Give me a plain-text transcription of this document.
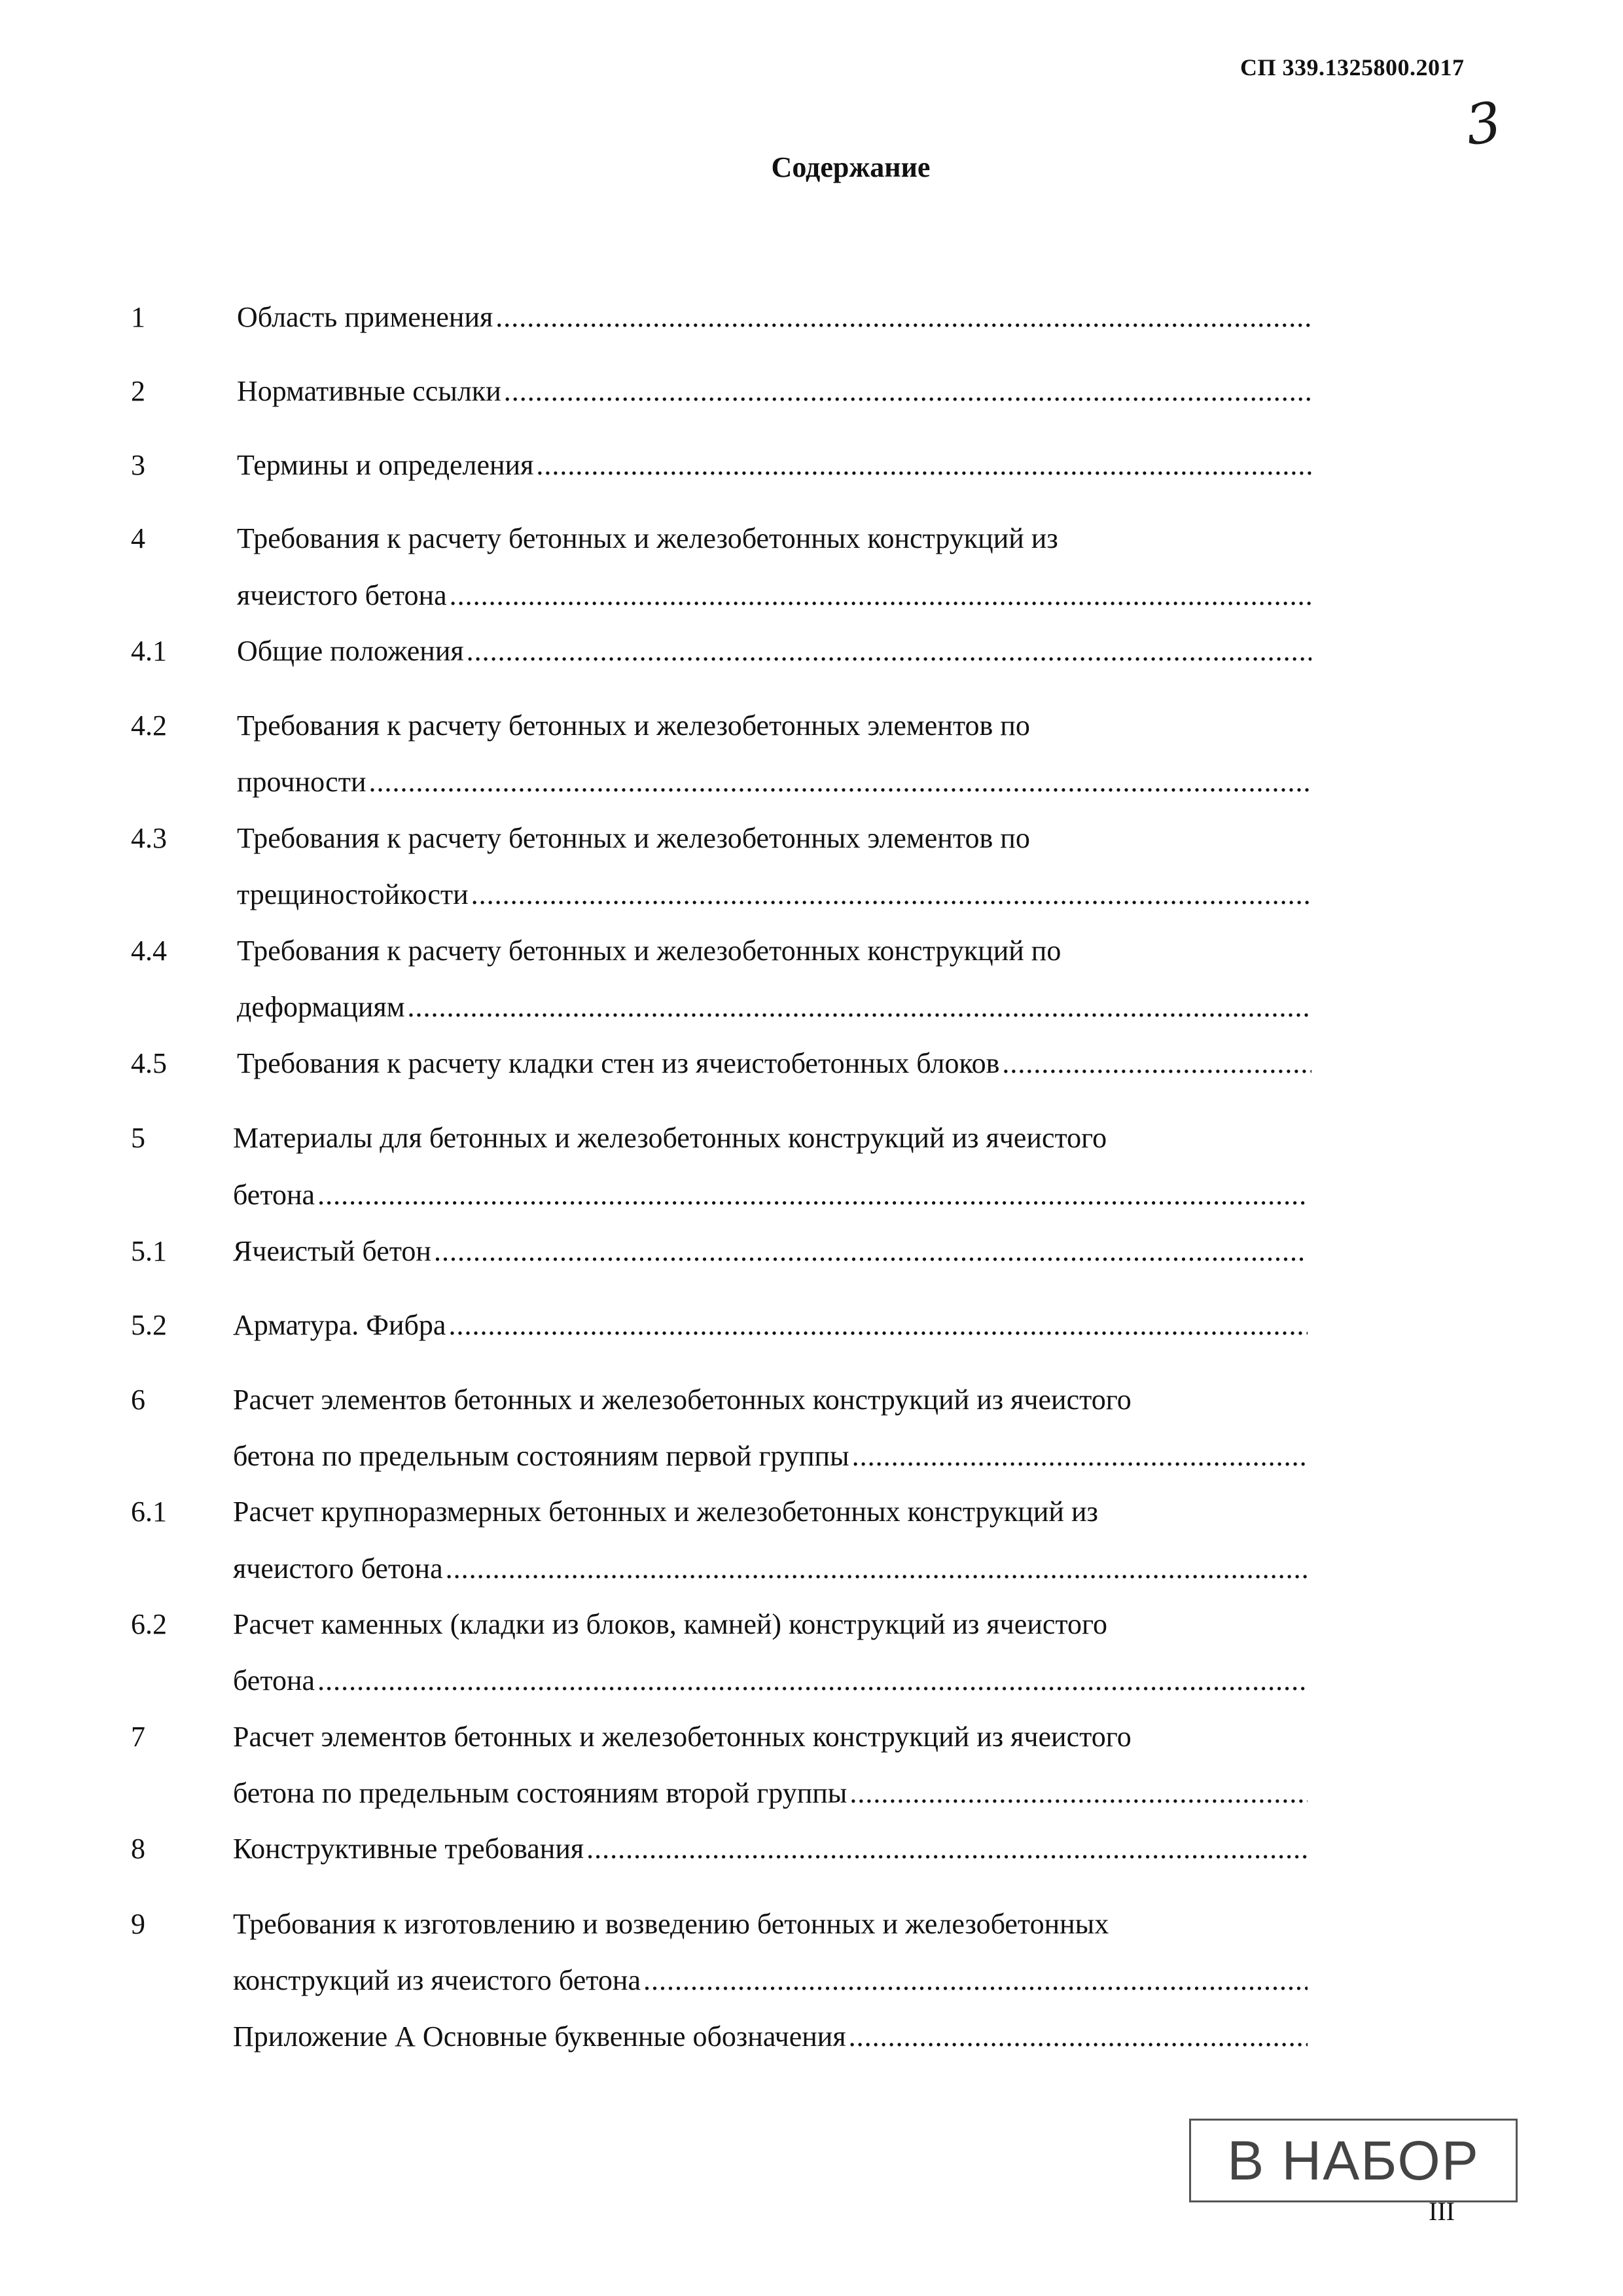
СП 339.1325800.2017
3
Содержание
1	Область применения
.....
2	Нормативные ссылки
.....
3	Термины и определения
.....
4	Требования к расчету бетонных и железобетонных конструкций из
ячеистого бетона
.....
4.1	Общие положения
.....
4.2	Требования к расчету бетонных и железобетонных элементов по
прочности
.....
4.3	Требования к расчету бетонных и железобетонных элементов по
трещиностойкости
.....
4.4	Требования к расчету бетонных и железобетонных конструкций по
деформациям
.....
4.5	Требования к расчету кладки стен из ячеистобетонных блоков
.....
5	Материалы для бетонных и железобетонных конструкций из ячеистого
бетона
.....
5.1	Ячеистый бетон
.....
5.2	Арматура. Фибра
.....
6	Расчет элементов бетонных и железобетонных конструкций из ячеистого
бетона по предельным состояниям первой группы
.....
6.1	Расчет крупноразмерных бетонных и железобетонных конструкций из
ячеистого бетона
.....
6.2	Расчет каменных (кладки из блоков, камней) конструкций из ячеистого
бетона
.....
7	Расчет элементов бетонных и железобетонных конструкций из ячеистого
бетона по предельным состояниям второй группы
.....
8	Конструктивные требования
.....
9	Требования к изготовлению и возведению бетонных и железобетонных
конструкций из ячеистого бетона
.....
Приложение А Основные буквенные обозначения
.....
В НАБОР
III
